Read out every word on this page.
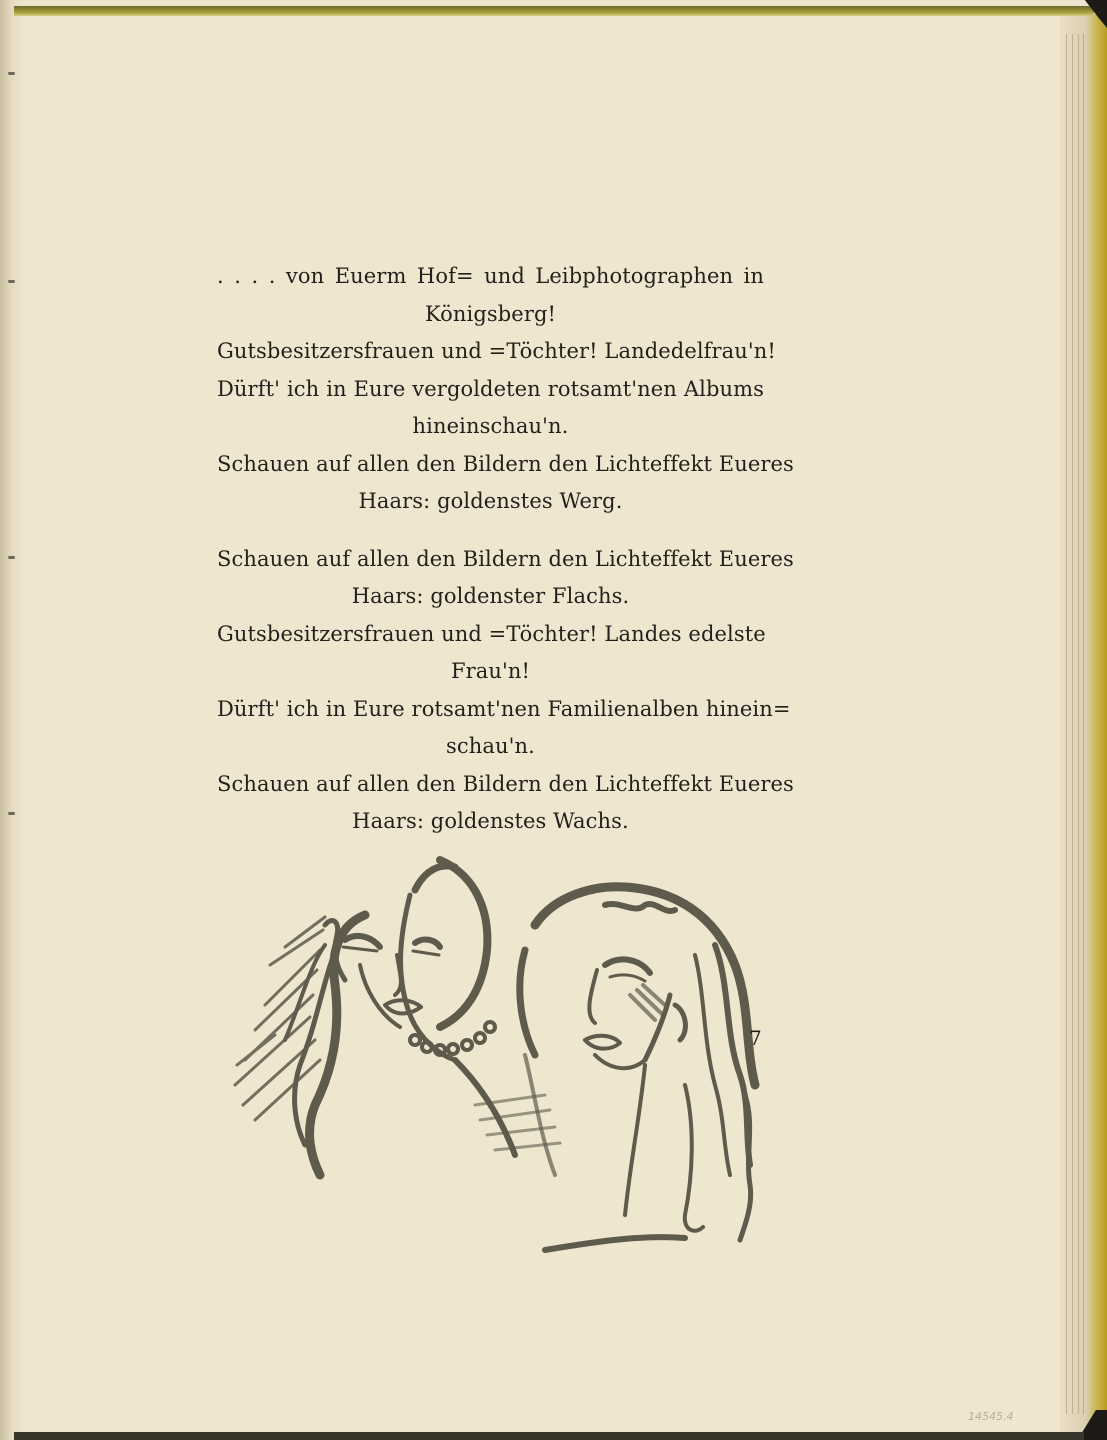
. . . . von Euerm Hof= und Leibphotographen in
Königsberg!
Gutsbesitzersfrauen und =Töchter! Landedelfrau'n!
Dürft' ich in Eure vergoldeten rotsamt'nen Albums
hineinschau'n.
Schauen auf allen den Bildern den Lichteffekt Eueres
Haars: goldenstes Werg.
Schauen auf allen den Bildern den Lichteffekt Eueres
Haars: goldenster Flachs.
Gutsbesitzersfrauen und =Töchter! Landes edelste
Frau'n!
Dürft' ich in Eure rotsamt'nen Familienalben hinein=
schau'n.
Schauen auf allen den Bildern den Lichteffekt Eueres
Haars: goldenstes Wachs.
7
14545.4
